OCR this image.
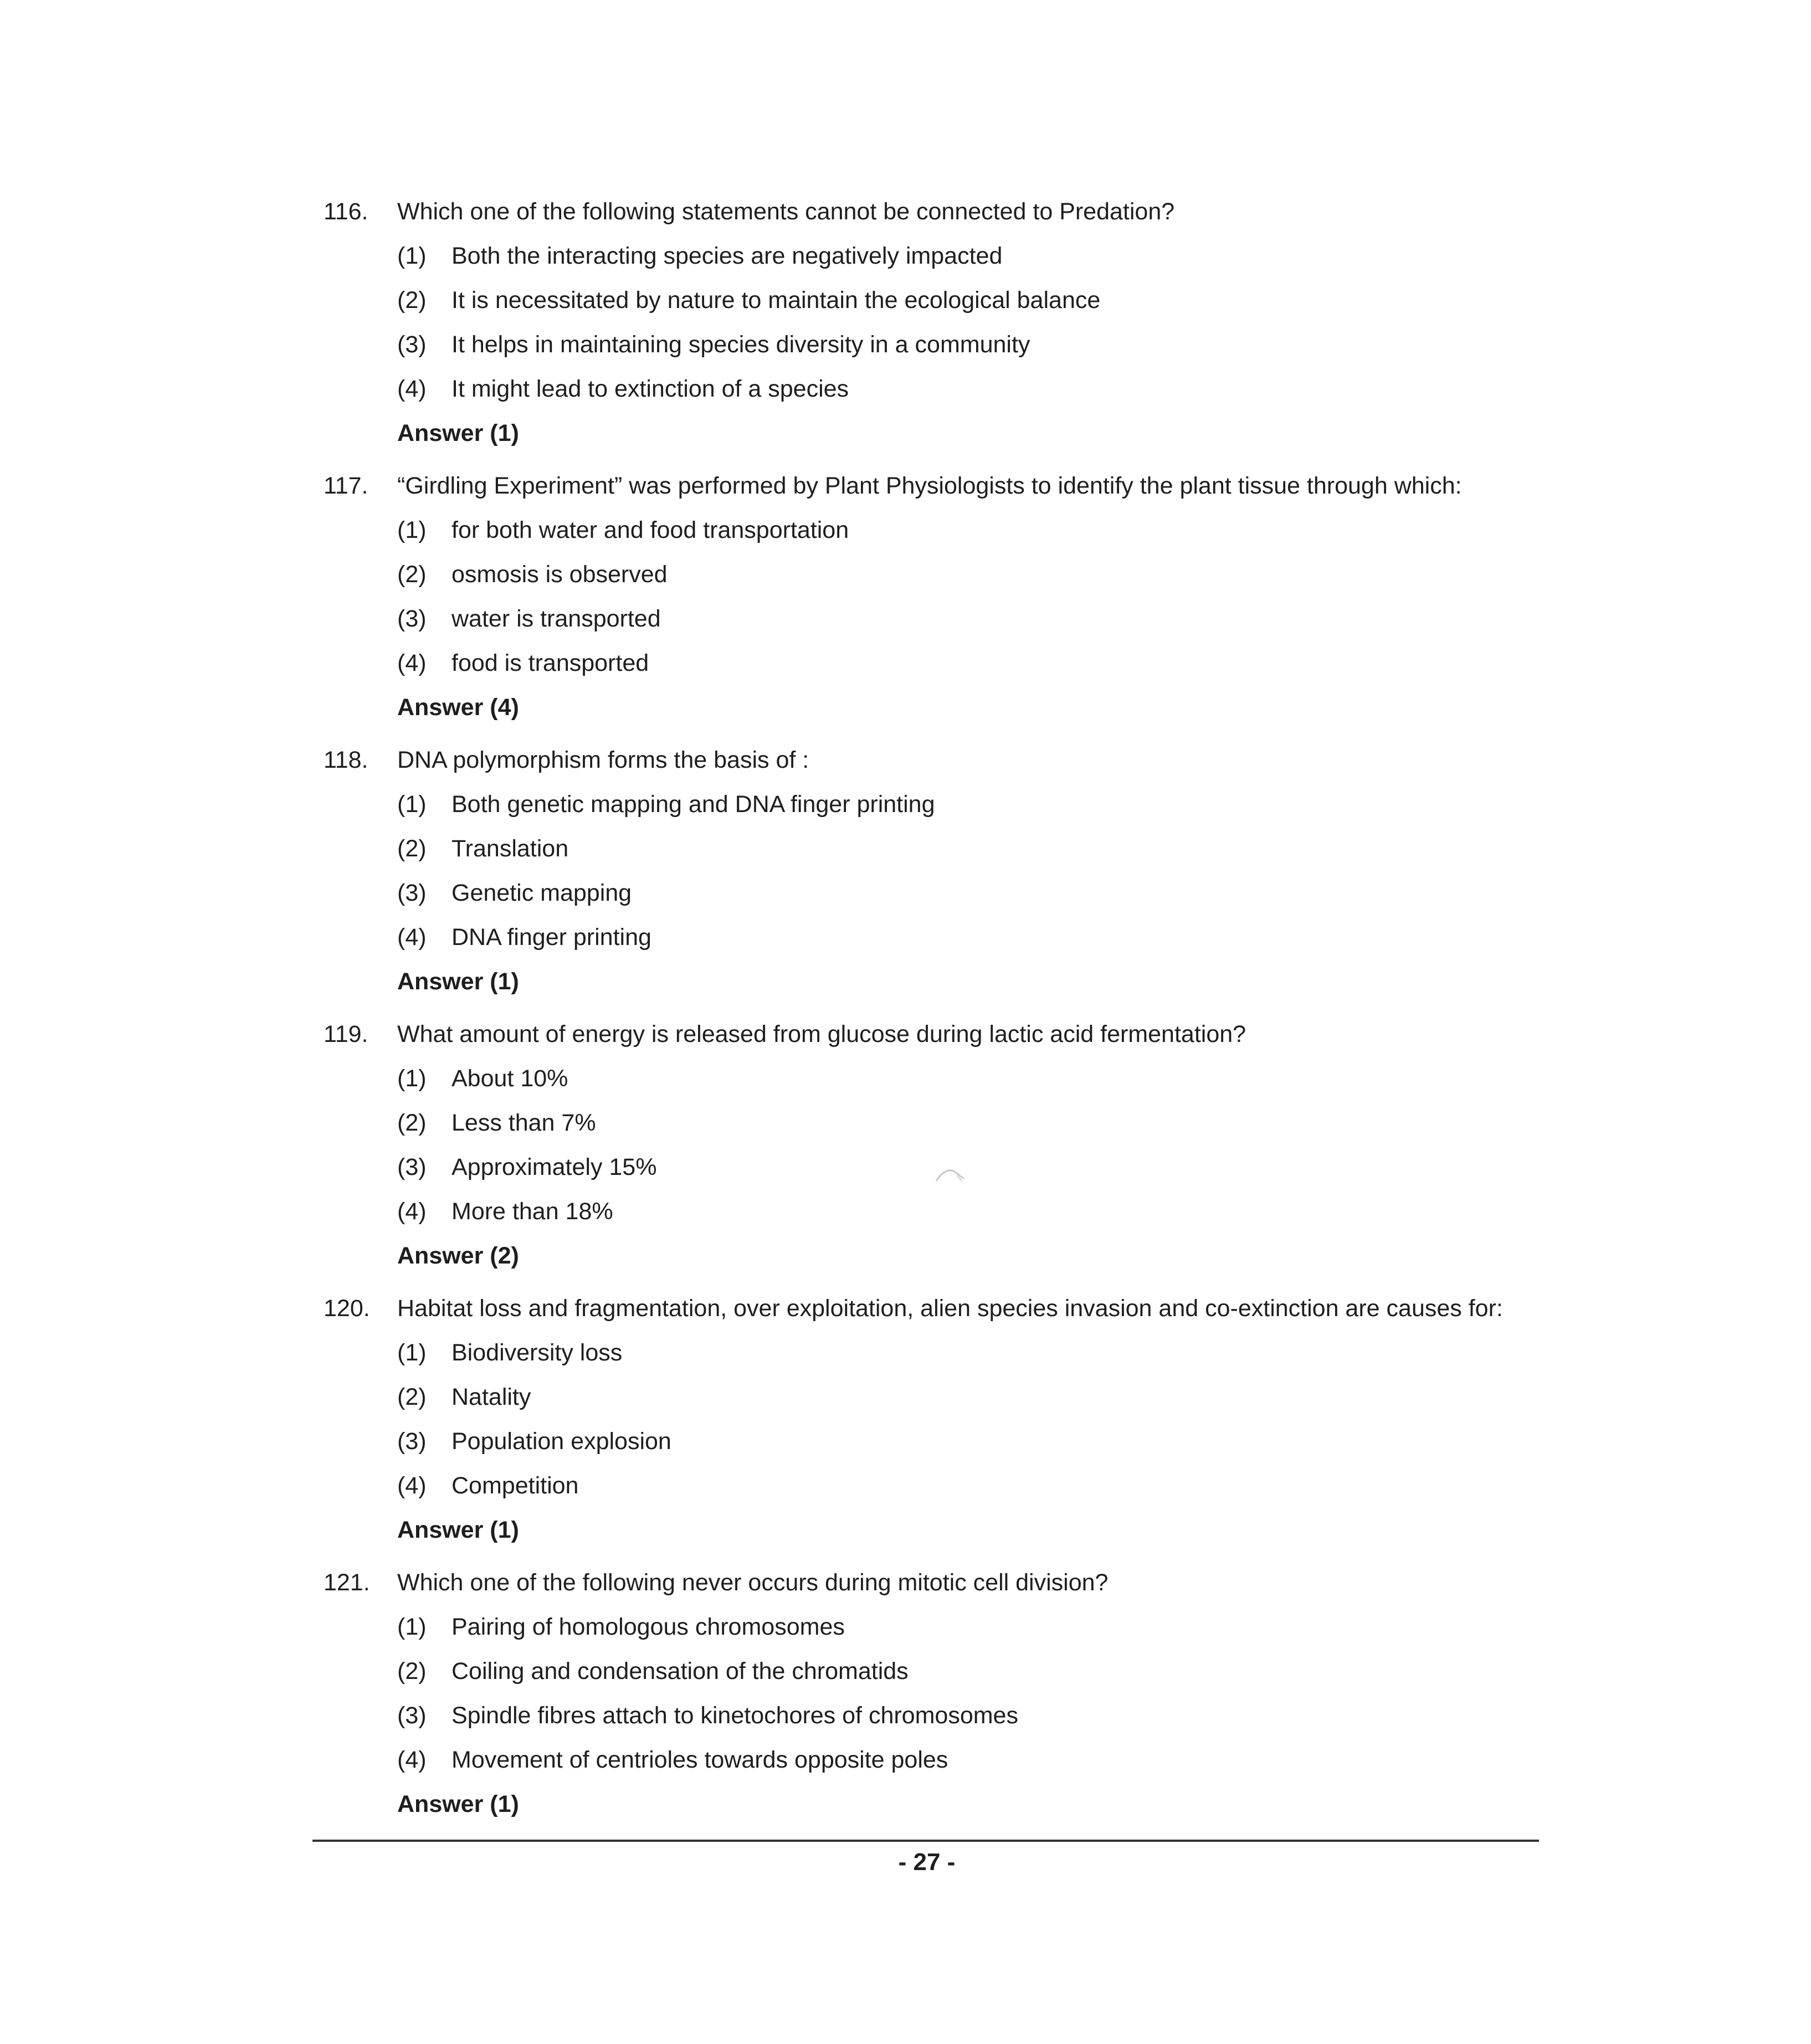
116. Which one of the following statements cannot be connected to Predation?
(1) Both the interacting species are negatively impacted
(2) It is necessitated by nature to maintain the ecological balance
(3) It helps in maintaining species diversity in a community
(4) It might lead to extinction of a species
Answer (1)
117. “Girdling Experiment” was performed by Plant Physiologists to identify the plant tissue through which:
(1) for both water and food transportation
(2) osmosis is observed
(3) water is transported
(4) food is transported
Answer (4)
118. DNA polymorphism forms the basis of :
(1) Both genetic mapping and DNA finger printing
(2) Translation
(3) Genetic mapping
(4) DNA finger printing
Answer (1)
119. What amount of energy is released from glucose during lactic acid fermentation?
(1) About 10%
(2) Less than 7%
(3) Approximately 15%
(4) More than 18%
Answer (2)
120. Habitat loss and fragmentation, over exploitation, alien species invasion and co-extinction are causes for:
(1) Biodiversity loss
(2) Natality
(3) Population explosion
(4) Competition
Answer (1)
121. Which one of the following never occurs during mitotic cell division?
(1) Pairing of homologous chromosomes
(2) Coiling and condensation of the chromatids
(3) Spindle fibres attach to kinetochores of chromosomes
(4) Movement of centrioles towards opposite poles
Answer (1)
- 27 -
